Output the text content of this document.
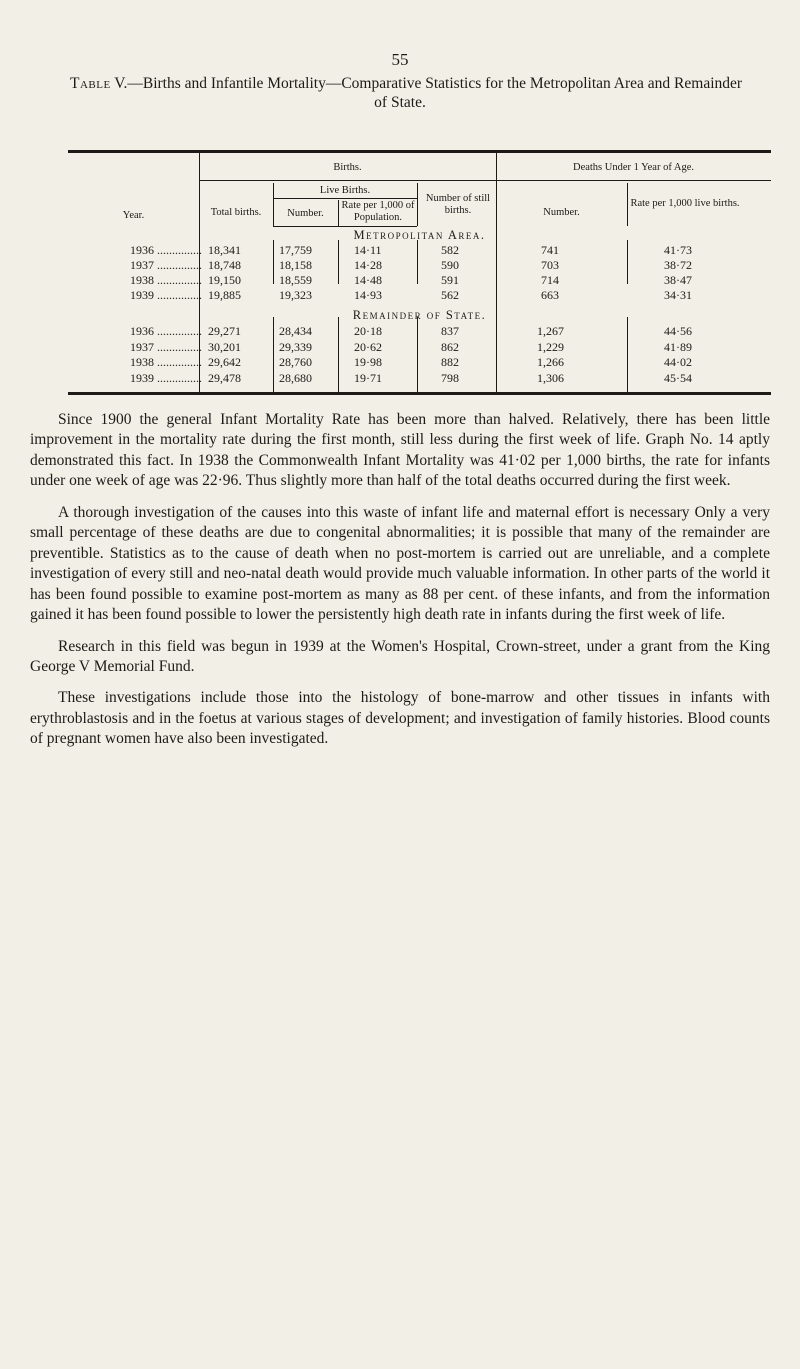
55
Table V.—Births and Infantile Mortality—Comparative Statistics for the Metropolitan Area and Remainder
of State.
Year.
Births.	Deaths Under 1 Year of Age.
Total births.
Live Births.
Number.
Rate per 1,000 of Population.
Number of still births.	Number.
Rate per 1,000 live births.
Metropolitan Area.
1936 ............... 18,341	17,759	14·11	582	741	41·73
1937 ............... 18,748	18,158	14·28	590	703	38·72
1938 ............... 19,150	18,559	14·48	591	714	38·47
1939 ............... 19,885	19,323	14·93	562	663	34·31
Remainder of State.
1936 ............... 29,271	28,434	20·18	837	1,267	44·56
1937 ............... 30,201	29,339	20·62	862	1,229	41·89
1938 ............... 29,642	28,760	19·98	882	1,266	44·02
1939 ............... 29,478	28,680	19·71	798	1,306	45·54

Since 1900 the general Infant Mortality Rate has been more than halved. Relatively, there has been little improvement in the mortality rate during the first month, still less during the first week of life. Graph No. 14 aptly demonstrated this fact. In 1938 the Commonwealth Infant Mortality was 41·02 per 1,000 births, the rate for infants under one week of age was 22·96. Thus slightly more than half of the total deaths occurred during the first week.

A thorough investigation of the causes into this waste of infant life and maternal effort is necessary Only a very small percentage of these deaths are due to congenital abnormalities; it is possible that many of the remainder are preventible. Statistics as to the cause of death when no post-mortem is carried out are unreliable, and a complete investigation of every still and neo-natal death would provide much valuable information. In other parts of the world it has been found possible to examine post-mortem as many as 88 per cent. of these infants, and from the information gained it has been found possible to lower the persistently high death rate in infants during the first week of life.

Research in this field was begun in 1939 at the Women's Hospital, Crown-street, under a grant from the King George V Memorial Fund.

These investigations include those into the histology of bone-marrow and other tissues in infants with erythroblastosis and in the foetus at various stages of development; and investigation of family histories. Blood counts of pregnant women have also been investigated.
